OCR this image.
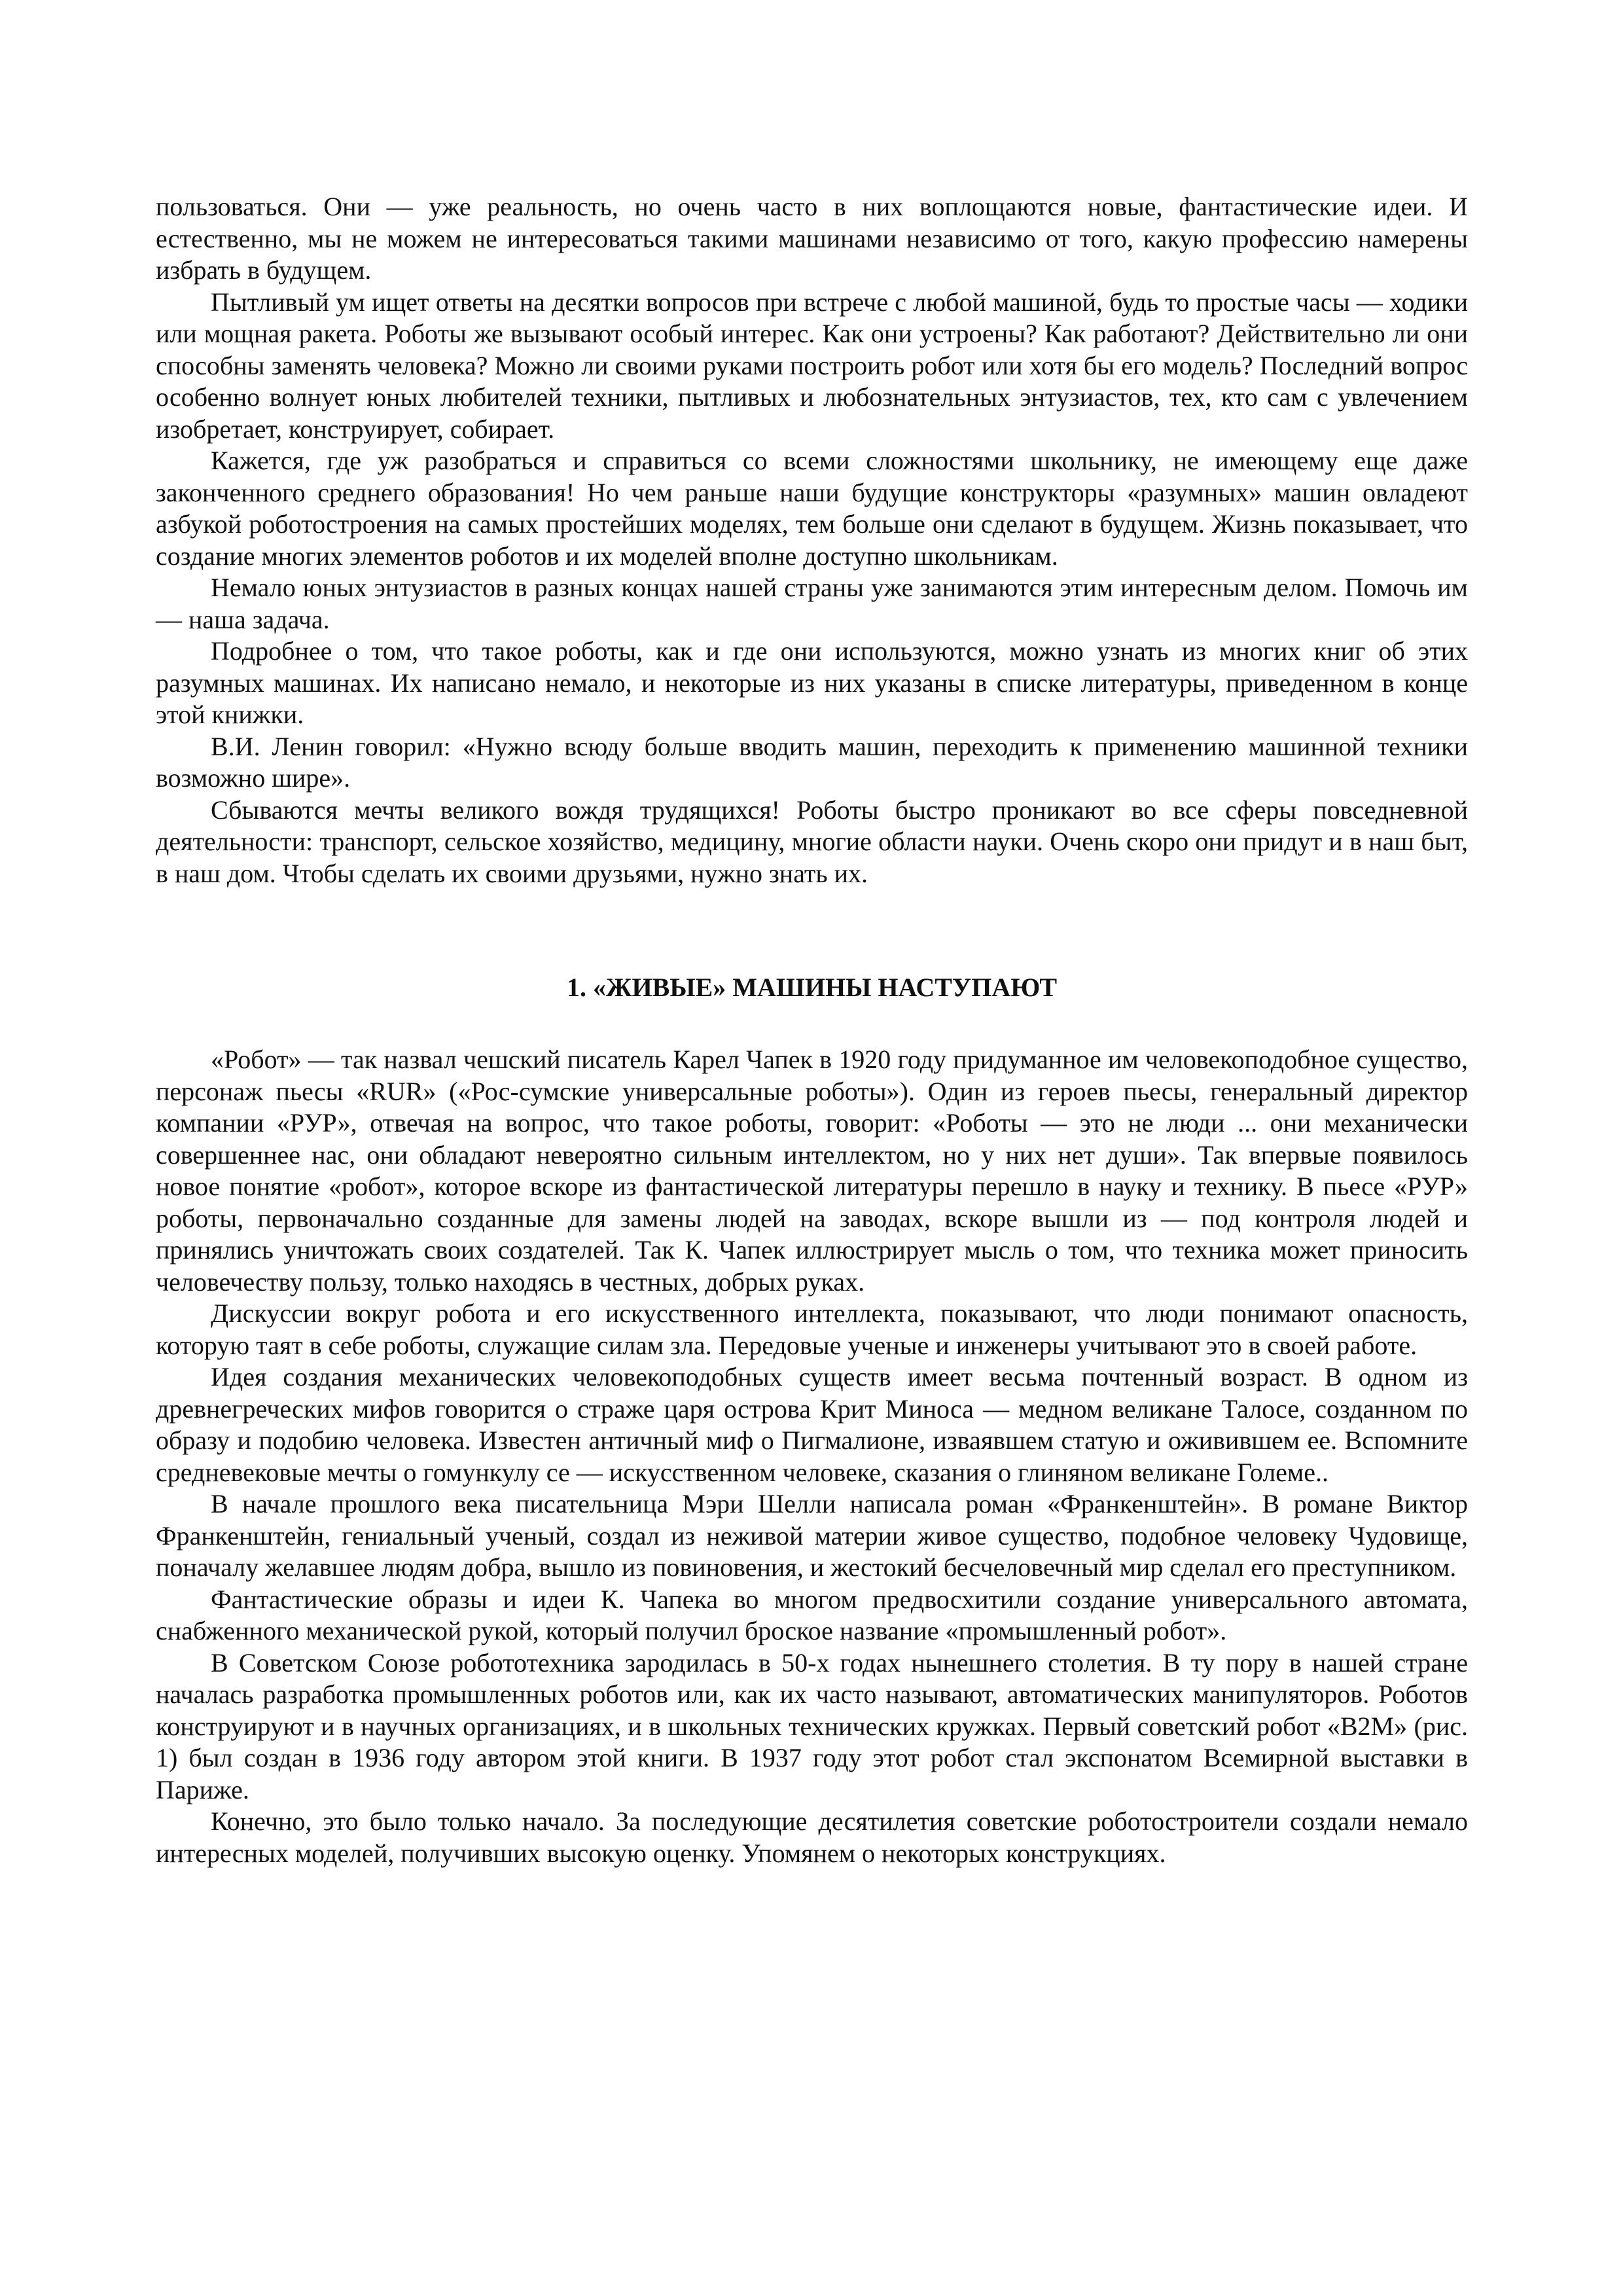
пользоваться. Они — уже реальность, но очень часто в них воплощаются новые, фантастические идеи. И естественно, мы не можем не интересоваться такими машинами независимо от того, какую профессию намерены избрать в будущем.

Пытливый ум ищет ответы на десятки вопросов при встрече с любой машиной, будь то простые часы — ходики или мощная ракета. Роботы же вызывают особый интерес. Как они устроены? Как работают? Действительно ли они способны заменять человека? Можно ли своими руками построить робот или хотя бы его модель? Последний вопрос особенно волнует юных любителей техники, пытливых и любознательных энтузиастов, тех, кто сам с увлечением изобретает, конструирует, собирает.

Кажется, где уж разобраться и справиться со всеми сложностями школьнику, не имеющему еще даже законченного среднего образования! Но чем раньше наши будущие конструкторы «разумных» машин овладеют азбукой роботостроения на самых простейших моделях, тем больше они сделают в будущем. Жизнь показывает, что создание многих элементов роботов и их моделей вполне доступно школьникам.

Немало юных энтузиастов в разных концах нашей страны уже занимаются этим интересным делом. Помочь им — наша задача.

Подробнее о том, что такое роботы, как и где они используются, можно узнать из многих книг об этих разумных машинах. Их написано немало, и некоторые из них указаны в списке литературы, приведенном в конце этой книжки.

В.И. Ленин говорил: «Нужно всюду больше вводить машин, переходить к применению машинной техники возможно шире».

Сбываются мечты великого вождя трудящихся! Роботы быстро проникают во все сферы повседневной деятельности: транспорт, сельское хозяйство, медицину, многие области науки. Очень скоро они придут и в наш быт, в наш дом. Чтобы сделать их своими друзьями, нужно знать их.

1. «ЖИВЫЕ» МАШИНЫ НАСТУПАЮТ

«Робот» — так назвал чешский писатель Карел Чапек в 1920 году придуманное им человекоподобное существо, персонаж пьесы «RUR» («Рос-сумские универсальные роботы»). Один из героев пьесы, генеральный директор компании «РУР», отвечая на вопрос, что такое роботы, говорит: «Роботы — это не люди ... они механически совершеннее нас, они обладают невероятно сильным интеллектом, но у них нет души». Так впервые появилось новое понятие «робот», которое вскоре из фантастической литературы перешло в науку и технику. В пьесе «РУР» роботы, первоначально созданные для замены людей на заводах, вскоре вышли из — под контроля людей и принялись уничтожать своих создателей. Так К. Чапек иллюстрирует мысль о том, что техника может приносить человечеству пользу, только находясь в честных, добрых руках.

Дискуссии вокруг робота и его искусственного интеллекта, показывают, что люди понимают опасность, которую таят в себе роботы, служащие силам зла. Передовые ученые и инженеры учитывают это в своей работе.

Идея создания механических человекоподобных существ имеет весьма почтенный возраст. В одном из древнегреческих мифов говорится о страже царя острова Крит Миноса — медном великане Талосе, созданном по образу и подобию человека. Известен античный миф о Пигмалионе, изваявшем статую и оживившем ее. Вспомните средневековые мечты о гомункулу се — искусственном человеке, сказания о глиняном великане Големе..

В начале прошлого века писательница Мэри Шелли написала роман «Франкенштейн». В романе Виктор Франкенштейн, гениальный ученый, создал из неживой материи живое существо, подобное человеку Чудовище, поначалу желавшее людям добра, вышло из повиновения, и жестокий бесчеловечный мир сделал его преступником.

Фантастические образы и идеи К. Чапека во многом предвосхитили создание универсального автомата, снабженного механической рукой, который получил броское название «промышленный робот».

В Советском Союзе робототехника зародилась в 50-х годах нынешнего столетия. В ту пору в нашей стране началась разработка промышленных роботов или, как их часто называют, автоматических манипуляторов. Роботов конструируют и в научных организациях, и в школьных технических кружках. Первый советский робот «В2М» (рис. 1) был создан в 1936 году автором этой книги. В 1937 году этот робот стал экспонатом Всемирной выставки в Париже.

Конечно, это было только начало. За последующие десятилетия советские роботостроители создали немало интересных моделей, получивших высокую оценку. Упомянем о некоторых конструкциях.
